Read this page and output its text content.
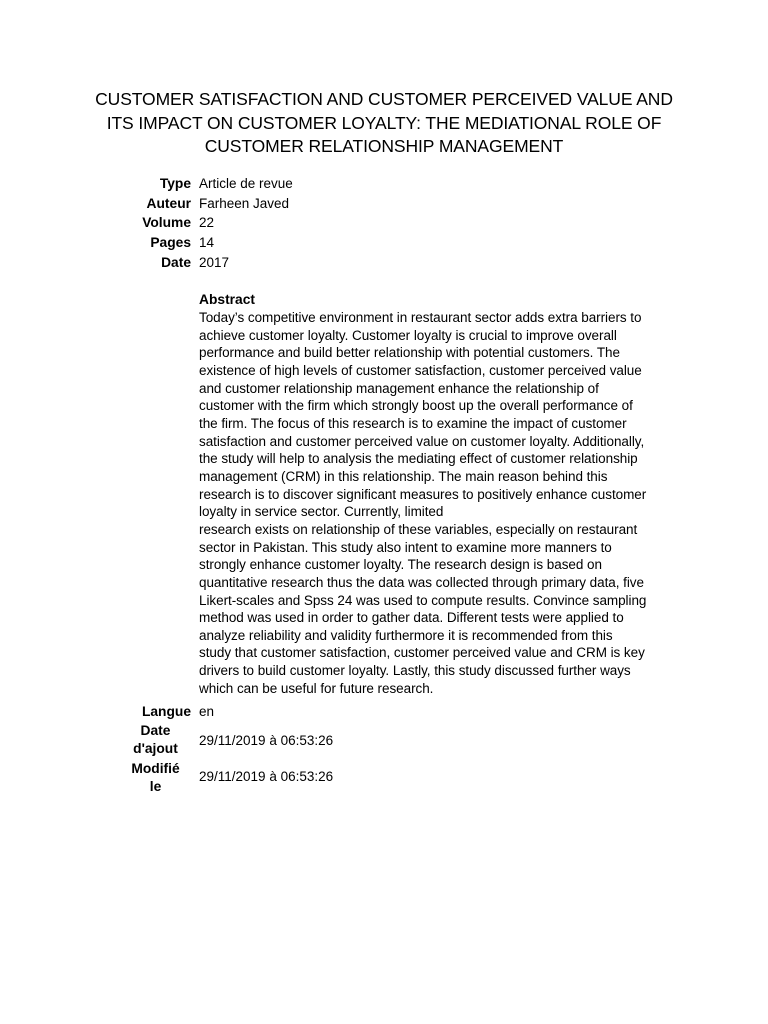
CUSTOMER SATISFACTION AND CUSTOMER PERCEIVED VALUE AND ITS IMPACT ON CUSTOMER LOYALTY: THE MEDIATIONAL ROLE OF CUSTOMER RELATIONSHIP MANAGEMENT
Type Article de revue
Auteur Farheen Javed
Volume 22
Pages 14
Date 2017
Abstract

Today’s competitive environment in restaurant sector adds extra barriers to
achieve customer loyalty. Customer loyalty is crucial to improve overall
performance and build better relationship with potential customers. The
existence of high levels of customer satisfaction, customer perceived value
and customer relationship management enhance the relationship of
customer with the firm which strongly boost up the overall performance of
the firm. The focus of this research is to examine the impact of customer
satisfaction and customer perceived value on customer loyalty. Additionally,
the study will help to analysis the mediating effect of customer relationship
management (CRM) in this relationship. The main reason behind this
research is to discover significant measures to positively enhance customer
loyalty in service sector. Currently, limited
research exists on relationship of these variables, especially on restaurant
sector in Pakistan. This study also intent to examine more manners to
strongly enhance customer loyalty. The research design is based on
quantitative research thus the data was collected through primary data, five
Likert-scales and Spss 24 was used to compute results. Convince sampling
method was used in order to gather data. Different tests were applied to
analyze reliability and validity furthermore it is recommended from this
study that customer satisfaction, customer perceived value and CRM is key
drivers to build customer loyalty. Lastly, this study discussed further ways
which can be useful for future research.

Langue en
Date
d'ajout	29/11/2019 à 06:53:26
Modifié
le
29/11/2019 à 06:53:26
